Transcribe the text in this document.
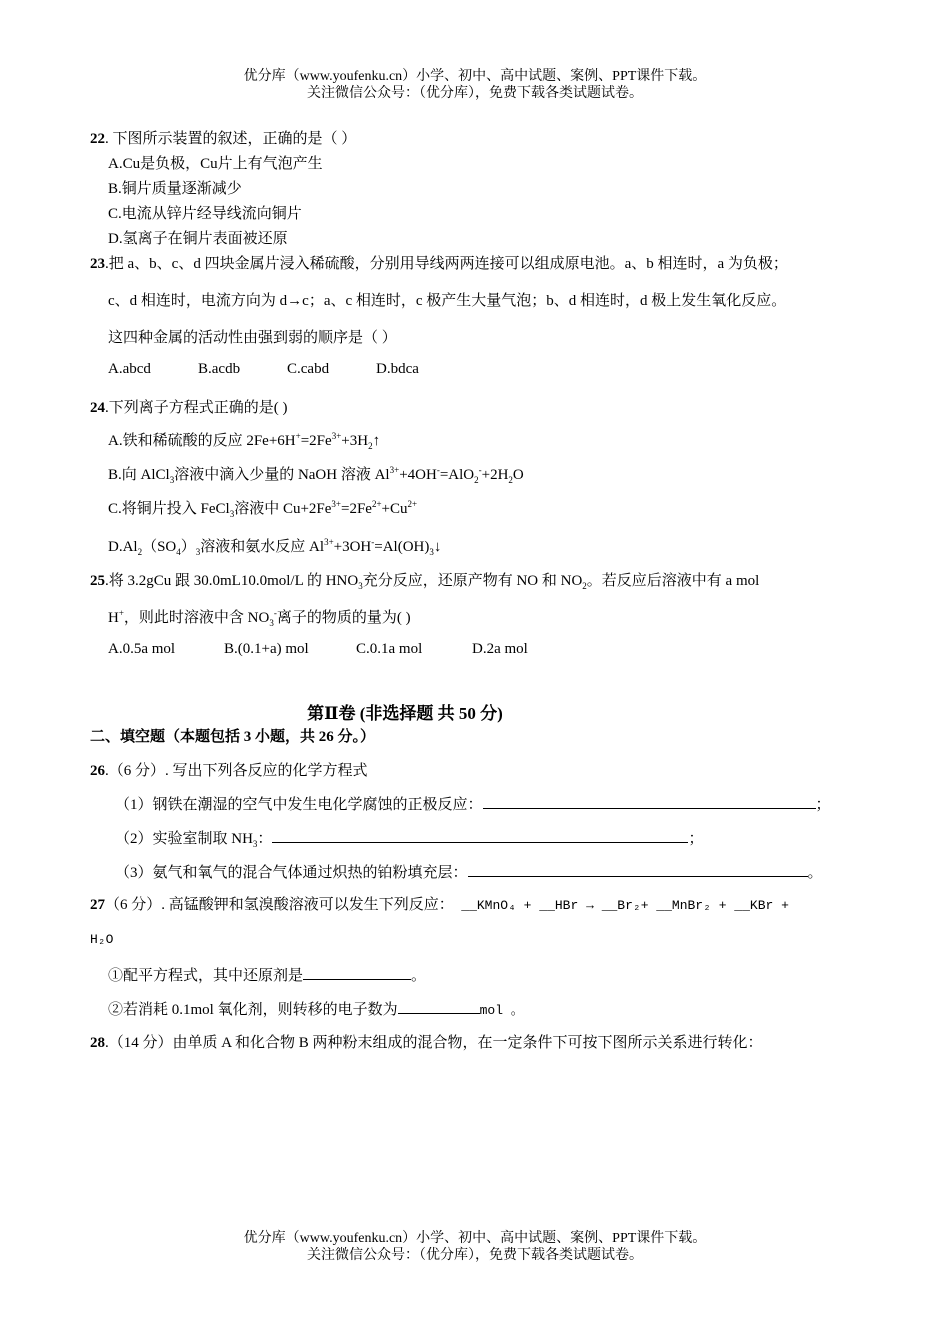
优分库（www.youfenku.cn）小学、初中、高中试题、案例、PPT课件下载。
关注微信公众号：（优分库），免费下载各类试题试卷。
22. 下图所示装置的叙述，正确的是（ ）
A.Cu是负极，Cu片上有气泡产生
B.铜片质量逐渐减少
C.电流从锌片经导线流向铜片
D.氢离子在铜片表面被还原
23.把 a、b、c、d 四块金属片浸入稀硫酸，分别用导线两两连接可以组成原电池。a、b 相连时，a 为负极；
c、d 相连时，电流方向为 d→c；a、c 相连时，c 极产生大量气泡；b、d 相连时，d 极上发生氧化反应。
这四种金属的活动性由强到弱的顺序是（ ）
A.abcd	B.acdb	C.cabd	D.bdca
24.下列离子方程式正确的是( )
A.铁和稀硫酸的反应 $2Fe+6H^+=2Fe^{3+}+3H_2↑$
B.向 AlCl$_3$溶液中滴入少量的 NaOH 溶液 $Al^{3+}+4OH^-=AlO_2^-+2H_2O$
C.将铜片投入 FeCl$_3$溶液中 $Cu+2Fe^{3+}=2Fe^{2+}+Cu^{2+}$
$D.Al_2(SO_4)_3$溶液和氨水反应 $Al^{3+}+3OH^-=Al(OH)_3↓$
25.将 3.2gCu 跟 30.0mL10.0mol/L 的 $HNO_3$充分反应，还原产物有 NO 和 $NO_2$。若反应后溶液中有 a mol
H+，则此时溶液中含 $NO_3^-$离子的物质的量为( )
A.0.5a mol	B.(0.1+a) mol	C.0.1a mol	D.2a mol
第Ⅱ卷 (非选择题 共 50 分)
二、填空题（本题包括 3 小题，共 26 分。）
26.（6 分）. 写出下列各反应的化学方程式
（1）钢铁在潮湿的空气中发生电化学腐蚀的正极反应：	；
（2）实验室制取 $NH_3$：	；
（3）氨气和氧气的混合气体通过炽热的铂粉填充层：	。
27（6 分）. 高锰酸钾和氢溴酸溶液可以发生下列反应： __KMnO₄ + __HBr → __Br₂+ __MnBr₂ + __KBr +
H₂O
①配平方程式，其中还原剂是	。
②若消耗 0.1mol 氧化剂，则转移的电子数为	mol 。
28.（14 分）由单质 A 和化合物 B 两种粉末组成的混合物，在一定条件下可按下图所示关系进行转化：
优分库（www.youfenku.cn）小学、初中、高中试题、案例、PPT课件下载。
关注微信公众号：（优分库），免费下载各类试题试卷。
